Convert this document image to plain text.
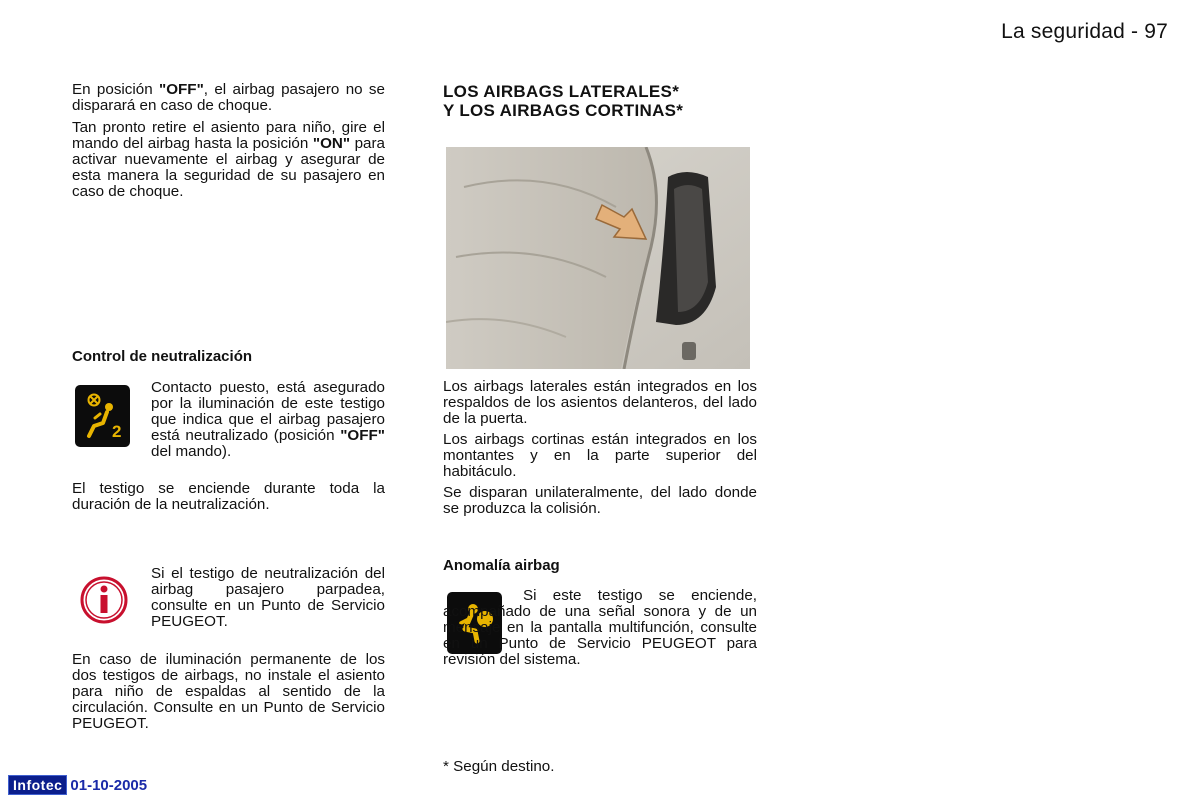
La seguridad - 97

En posición "OFF", el airbag pasajero no se disparará en caso de choque.

Tan pronto retire el asiento para niño, gire el mando del airbag hasta la posición "ON" para activar nuevamente el airbag y asegurar de esta manera la seguridad de su pasajero en caso de choque.

Control de neutralización
2

Contacto puesto, está asegurado por la iluminación de este testigo que indica que el airbag pasajero está neutralizado (posición "OFF" del mando).

El testigo se enciende durante toda la duración de la neutralización.

Si el testigo de neutralización del airbag pasajero parpadea, consulte en un Punto de Servicio PEUGEOT.

En caso de iluminación permanente de los dos testigos de airbags, no instale el asiento para niño de espaldas al sentido de la circulación. Consulte en un Punto de Servicio PEUGEOT.

LOS AIRBAGS LATERALES*
Y LOS AIRBAGS CORTINAS*

Los airbags laterales están integrados en los respaldos de los asientos delanteros, del lado de la puerta.

Los airbags cortinas están integrados en los montantes y en la parte superior del habitáculo.

Se disparan unilateralmente, del lado donde se produzca la colisión.

Anomalía airbag

Si este testigo se enciende, acompañado de una señal sonora y de un mensaje en la pantalla multifunción, consulte en un Punto de Servicio PEUGEOT para revisión del sistema.

* Según destino.

Infotec 01-10-2005
